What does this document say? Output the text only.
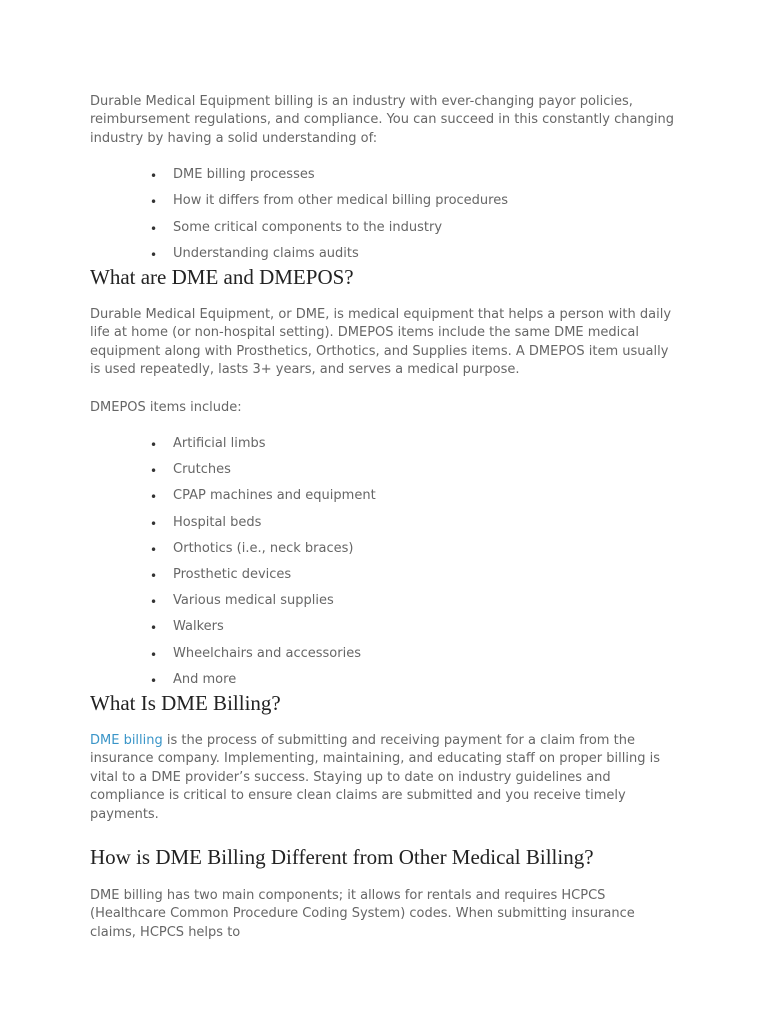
Durable Medical Equipment billing is an industry with ever-changing payor policies, reimbursement regulations, and compliance. You can succeed in this constantly changing industry by having a solid understanding of:

• DME billing processes
• How it differs from other medical billing procedures
• Some critical components to the industry
• Understanding claims audits
What are DME and DMEPOS?

Durable Medical Equipment, or DME, is medical equipment that helps a person with daily life at home (or non-hospital setting). DMEPOS items include the same DME medical equipment along with Prosthetics, Orthotics, and Supplies items. A DMEPOS item usually is used repeatedly, lasts 3+ years, and serves a medical purpose.

DMEPOS items include:

• Artificial limbs
• Crutches
• CPAP machines and equipment
• Hospital beds
• Orthotics (i.e., neck braces)
• Prosthetic devices
• Various medical supplies
• Walkers
• Wheelchairs and accessories
• And more
What Is DME Billing?

DME billing is the process of submitting and receiving payment for a claim from the insurance company. Implementing, maintaining, and educating staff on proper billing is vital to a DME provider’s success. Staying up to date on industry guidelines and compliance is critical to ensure clean claims are submitted and you receive timely payments.

How is DME Billing Different from Other Medical Billing?

DME billing has two main components; it allows for rentals and requires HCPCS (Healthcare Common Procedure Coding System) codes. When submitting insurance claims, HCPCS helps to
